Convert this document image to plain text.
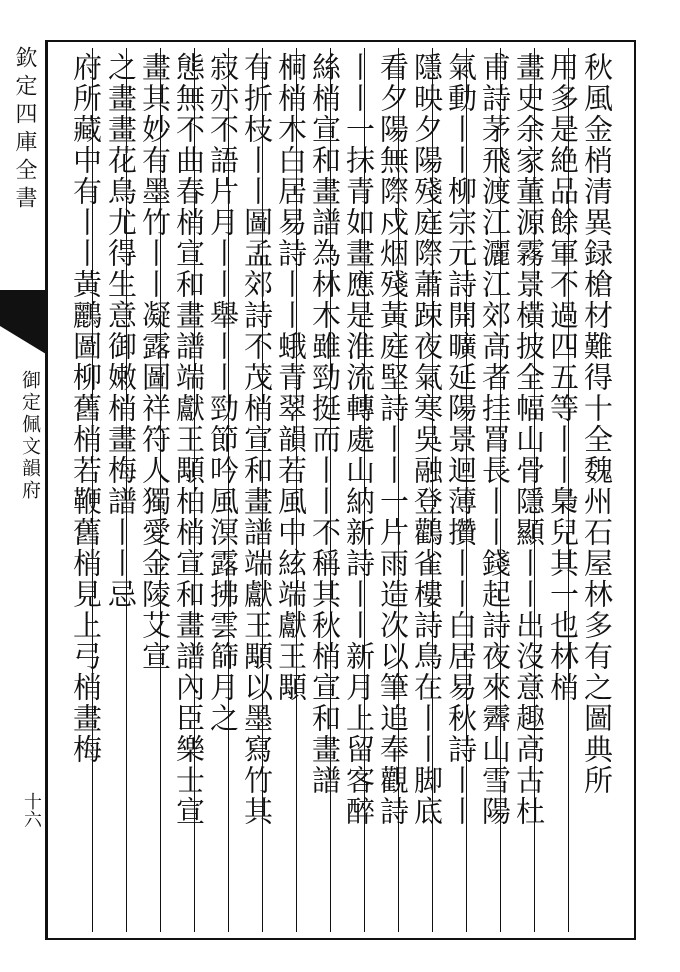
欽定四庫全書
御定佩文韻府
十六
秋風金梢清異録槍材難得十全魏州石屋林多有之圖典所
用多是絶品餘軍不過四五等丨丨梟兒其一也林梢
畫史余家董源霧景橫披全幅山骨隱顯丨丨出沒意趣高古杜
甫詩茅飛渡江灑江郊高者挂罥長丨丨錢起詩夜來霽山雪陽
氣動丨丨柳宗元詩開曠延陽景迴薄攢丨丨白居易秋詩丨丨
隱映夕陽殘庭際蕭踈夜氣寒吳融登鸛雀樓詩鳥在丨丨脚底
看夕陽無際戍烟殘黃庭堅詩丨丨一片雨造次以筆追奉觀詩
丨丨一抹青如畫應是淮流轉處山納新詩丨丨新月上留客醉
絲梢宣和畫譜為林木雖勁挺而丨丨不稱其秋梢宣和畫譜
桐梢木白居易詩丨丨蛾青翠韻若風中絃端獻王顒
有折枝丨丨圖孟郊詩不茂梢宣和畫譜端獻王顒以墨寫竹其
寂亦不語片月丨丨舉丨丨勁節吟風溟露拂雲篩月之
態無不曲春梢宣和畫譜端獻王顒柏梢宣和畫譜內臣樂士宣
畫其妙有墨竹丨丨凝露圖祥符人獨愛金陵艾宣
之畫畫花鳥尤得生意御嫩梢畫梅譜丨丨忌
府所藏中有丨丨黃鸝圖柳舊梢若鞭舊梢見上弓梢畫梅
